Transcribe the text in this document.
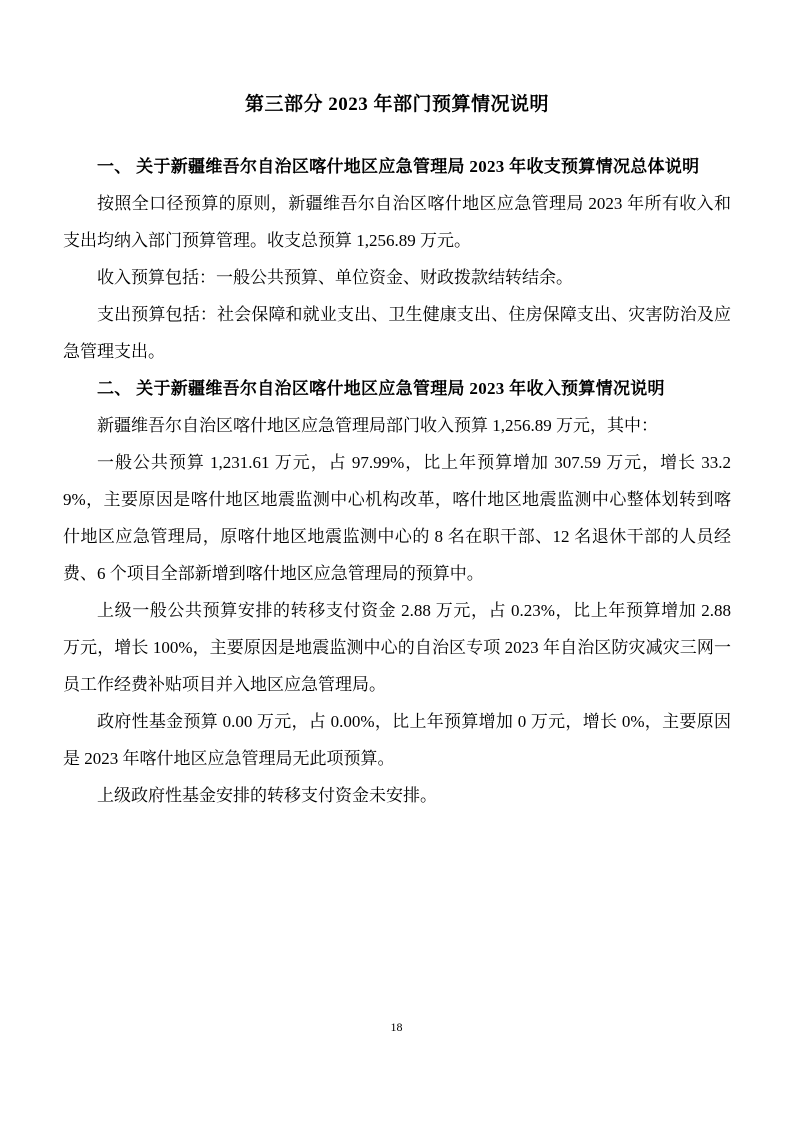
第三部分 2023 年部门预算情况说明

一、 关于新疆维吾尔自治区喀什地区应急管理局 2023 年收支预算情况总体说明

按照全口径预算的原则，新疆维吾尔自治区喀什地区应急管理局 2023 年所有收入和支出均纳入部门预算管理。收支总预算 1,256.89 万元。

收入预算包括：一般公共预算、单位资金、财政拨款结转结余。

支出预算包括：社会保障和就业支出、卫生健康支出、住房保障支出、灾害防治及应急管理支出。

二、 关于新疆维吾尔自治区喀什地区应急管理局 2023 年收入预算情况说明

新疆维吾尔自治区喀什地区应急管理局部门收入预算 1,256.89 万元，其中：

一般公共预算 1,231.61 万元，占 97.99%，比上年预算增加 307.59 万元，增长 33.29%，主要原因是喀什地区地震监测中心机构改革，喀什地区地震监测中心整体划转到喀什地区应急管理局，原喀什地区地震监测中心的 8 名在职干部、12 名退休干部的人员经费、6 个项目全部新增到喀什地区应急管理局的预算中。

上级一般公共预算安排的转移支付资金 2.88 万元，占 0.23%，比上年预算增加 2.88 万元，增长 100%，主要原因是地震监测中心的自治区专项 2023 年自治区防灾减灾三网一员工作经费补贴项目并入地区应急管理局。

政府性基金预算 0.00 万元，占 0.00%，比上年预算增加 0 万元，增长 0%，主要原因是 2023 年喀什地区应急管理局无此项预算。

上级政府性基金安排的转移支付资金未安排。

18
